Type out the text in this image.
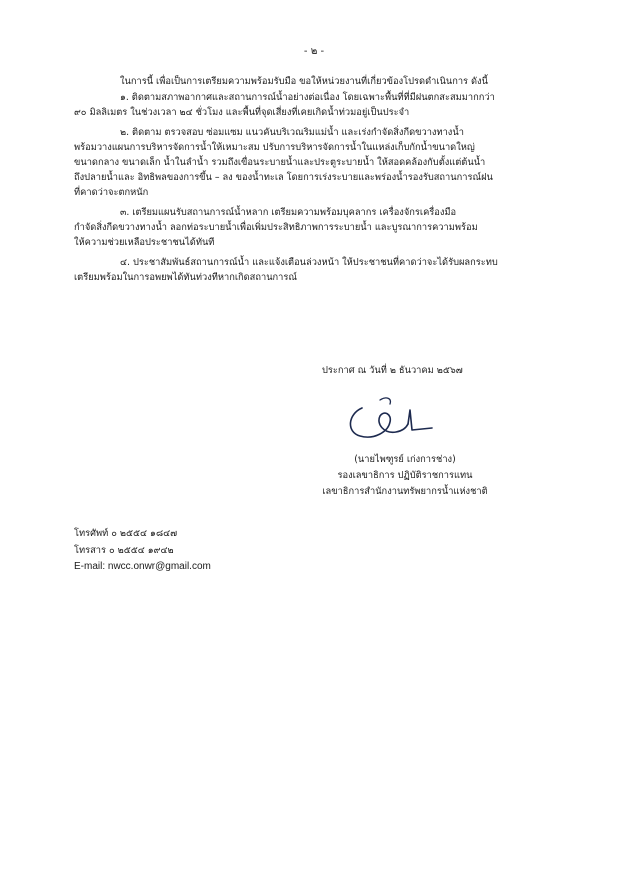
- ๒ -

ในการนี้ เพื่อเป็นการเตรียมความพร้อมรับมือ ขอให้หน่วยงานที่เกี่ยวข้องโปรดดำเนินการ ดังนี้

๑. ติดตามสภาพอากาศและสถานการณ์น้ำอย่างต่อเนื่อง โดยเฉพาะพื้นที่ที่มีฝนตกสะสมมากกว่า
๙๐ มิลลิเมตร ในช่วงเวลา ๒๔ ชั่วโมง และพื้นที่จุดเสี่ยงที่เคยเกิดน้ำท่วมอยู่เป็นประจำ

๒. ติดตาม ตรวจสอบ ซ่อมแซม แนวคันบริเวณริมแม่น้ำ และเร่งกำจัดสิ่งกีดขวางทางน้ำ
พร้อมวางแผนการบริหารจัดการน้ำให้เหมาะสม ปรับการบริหารจัดการน้ำในแหล่งเก็บกักน้ำขนาดใหญ่
ขนาดกลาง ขนาดเล็ก น้ำในลำน้ำ รวมถึงเขื่อนระบายน้ำและประตูระบายน้ำ ให้สอดคล้องกับตั้งแต่ต้นน้ำ
ถึงปลายน้ำและ อิทธิพลของการขึ้น – ลง ของน้ำทะเล โดยการเร่งระบายและพร่องน้ำรองรับสถานการณ์ฝน
ที่คาดว่าจะตกหนัก

๓. เตรียมแผนรับสถานการณ์น้ำหลาก เตรียมความพร้อมบุคลากร เครื่องจักรเครื่องมือ
กำจัดสิ่งกีดขวางทางน้ำ ลอกท่อระบายน้ำเพื่อเพิ่มประสิทธิภาพการระบายน้ำ และบูรณาการความพร้อม
ให้ความช่วยเหลือประชาชนได้ทันที

๔. ประชาสัมพันธ์สถานการณ์น้ำ และแจ้งเตือนล่วงหน้า ให้ประชาชนที่คาดว่าจะได้รับผลกระทบ
เตรียมพร้อมในการอพยพได้ทันท่วงทีหากเกิดสถานการณ์

ประกาศ ณ วันที่ ๒ ธันวาคม ๒๕๖๗
(นายไพฑูรย์ เก่งการช่าง)
รองเลขาธิการ ปฏิบัติราชการแทน
เลขาธิการสำนักงานทรัพยากรน้ำแห่งชาติ
โทรศัพท์ ๐ ๒๕๕๔ ๑๘๔๗
โทรสาร ๐ ๒๕๕๔ ๑๙๔๒
E-mail: nwcc.onwr@gmail.com
